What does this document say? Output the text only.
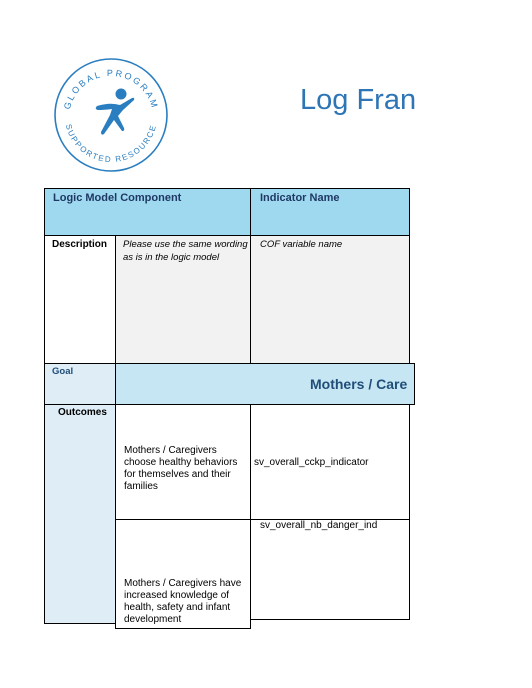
GLOBAL PROGRAM
SUPPORTED RESOURCE
Log Fran
Logic Model Component	Indicator Name
Description Please use the same wording as is in the logic model
COF variable name
Goal
Mothers / Care
Outcomes
Mothers / Caregivers choose healthy behaviors for themselves and their families
sv_overall_cckp_indicator
Mothers / Caregivers have increased knowledge of health, safety and infant development
sv_overall_nb_danger_ind
